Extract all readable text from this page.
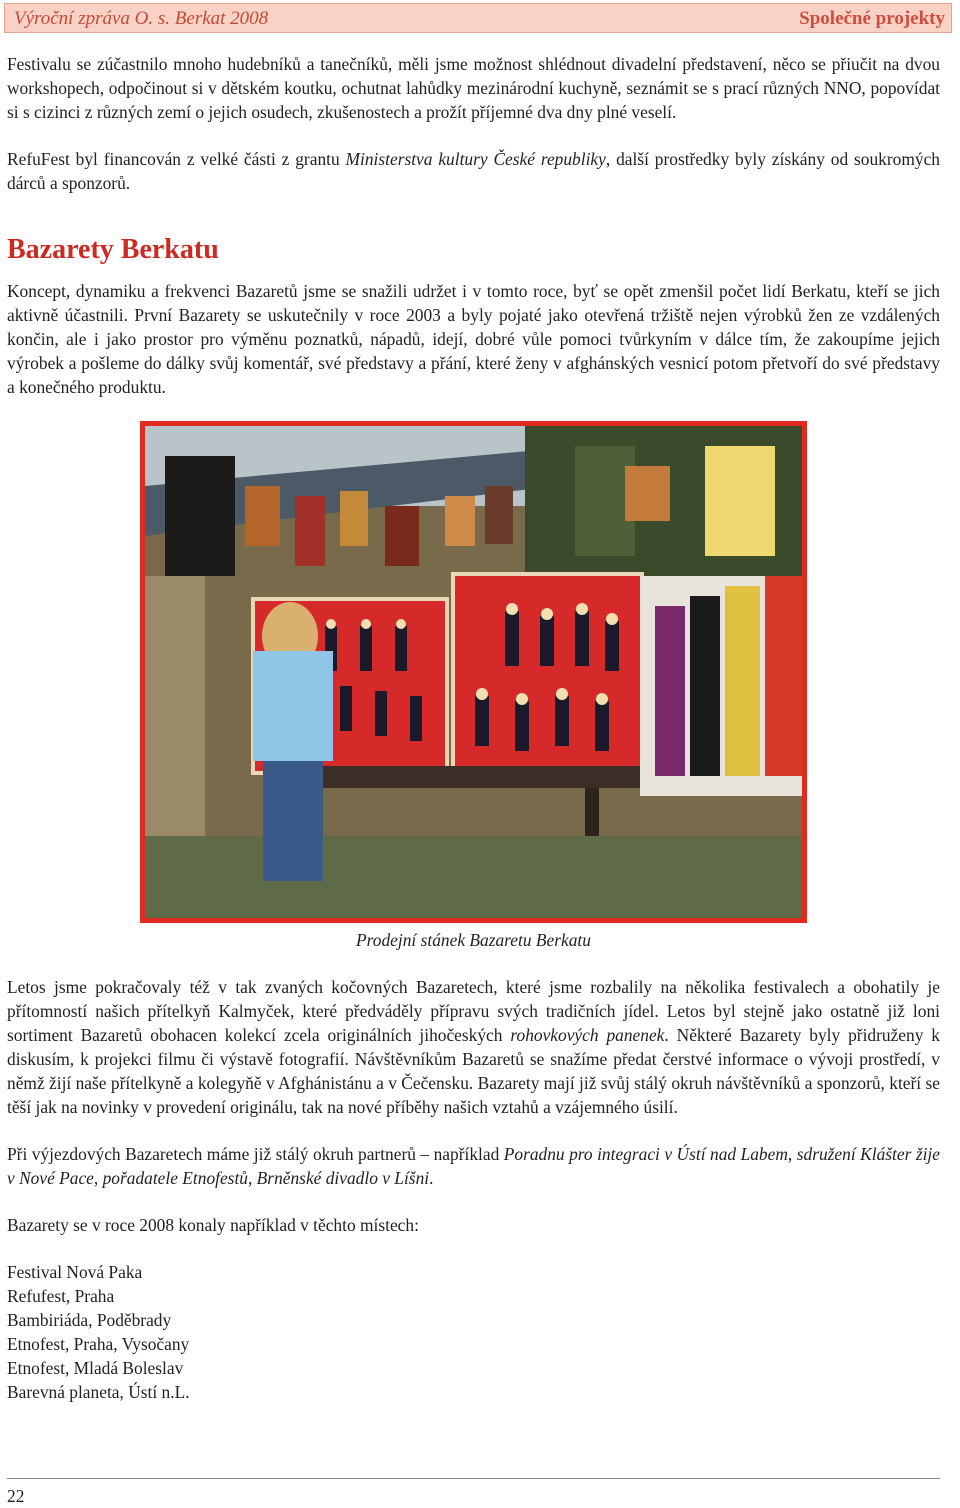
Výroční zpráva O. s. Berkat 2008	Společné projekty

Festivalu se zúčastnilo mnoho hudebníků a tanečníků, měli jsme možnost shlédnout divadelní představení, něco se přiučit na dvou workshopech, odpočinout si v dětském koutku, ochutnat lahůdky mezinárodní kuchyně, seznámit se s prací různých NNO, popovídat si s cizinci z různých zemí o jejich osudech, zkušenostech a prožít příjemné dva dny plné veselí.

RefuFest byl financován z velké části z grantu Ministerstva kultury České republiky, další prostředky byly získány od soukromých dárců a sponzorů.

Bazarety Berkatu

Koncept, dynamiku a frekvenci Bazaretů jsme se snažili udržet i v tomto roce, byť se opět zmenšil počet lidí Berkatu, kteří se jich aktivně účastnili. První Bazarety se uskutečnily v roce 2003 a byly pojaté jako otevřená tržiště nejen výrobků žen ze vzdálených končin, ale i jako prostor pro výměnu poznatků, nápadů, idejí, dobré vůle pomoci tvůrkyním v dálce tím, že zakoupíme jejich výrobek a pošleme do dálky svůj komentář, své představy a přání, které ženy v afghánských vesnicí potom přetvoří do své představy a konečného produktu.

Prodejní stánek Bazaretu Berkatu

Letos jsme pokračovaly též v tak zvaných kočovných Bazaretech, které jsme rozbalily na několika festivalech a obohatily je přítomností našich přítelkyň Kalmyček, které předváděly přípravu svých tradičních jídel. Letos byl stejně jako ostatně již loni sortiment Bazaretů obohacen kolekcí zcela originálních jihočeských rohovkových panenek. Některé Bazarety byly přidruženy k diskusím, k projekci filmu či výstavě fotografií. Návštěvníkům Bazaretů se snažíme předat čerstvé informace o vývoji prostředí, v němž žijí naše přítelkyně a kolegyňě v Afghánistánu a v Čečensku. Bazarety mají již svůj stálý okruh návštěvníků a sponzorů, kteří se těší jak na novinky v provedení originálu, tak na nové příběhy našich vztahů a vzájemného úsilí.

Při výjezdových Bazaretech máme již stálý okruh partnerů – například Poradnu pro integraci v Ústí nad Labem, sdružení Klášter žije v Nové Pace, pořadatele Etnofestů, Brněnské divadlo v Líšni.

Bazarety se v roce 2008 konaly například v těchto místech:

Festival Nová Paka
Refufest, Praha
Bambiriáda, Poděbrady
Etnofest, Praha, Vysočany
Etnofest, Mladá Boleslav
Barevná planeta, Ústí n.L.
22
